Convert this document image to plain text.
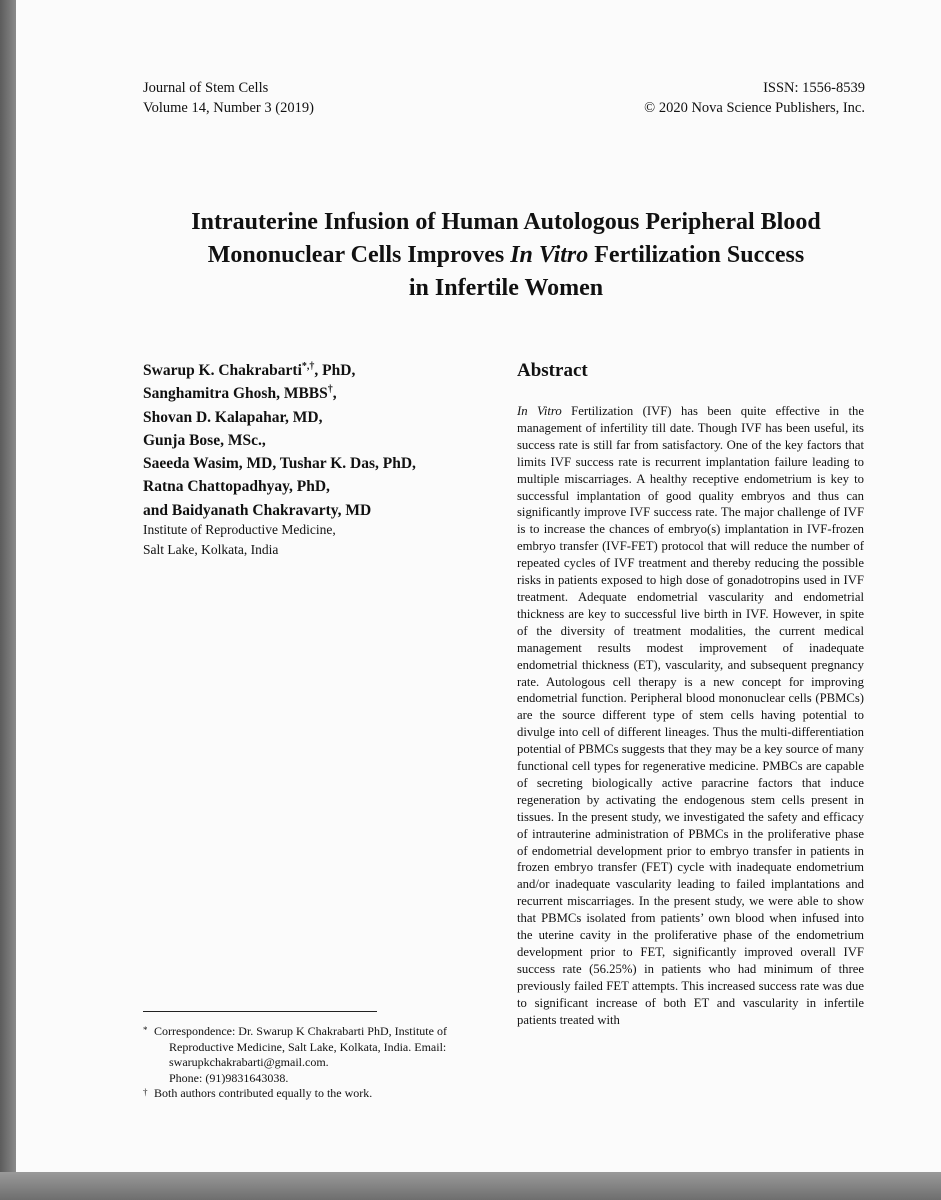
Journal of Stem Cells
Volume 14, Number 3 (2019)
ISSN: 1556-8539
© 2020 Nova Science Publishers, Inc.
Intrauterine Infusion of Human Autologous Peripheral Blood
Mononuclear Cells Improves In Vitro Fertilization Success
in Infertile Women
Swarup K. Chakrabarti*,†, PhD,
Sanghamitra Ghosh, MBBS†,
Shovan D. Kalapahar, MD,
Gunja Bose, MSc.,
Saeeda Wasim, MD, Tushar K. Das, PhD,
Ratna Chattopadhyay, PhD,
and Baidyanath Chakravarty, MD
Institute of Reproductive Medicine,
Salt Lake, Kolkata, India
Abstract
In Vitro Fertilization (IVF) has been quite effective in the management of infertility till date. Though IVF has been useful, its success rate is still far from satisfactory. One of the key factors that limits IVF success rate is recurrent implantation failure leading to multiple miscarriages. A healthy receptive endometrium is key to successful implantation of good quality embryos and thus can significantly improve IVF success rate. The major challenge of IVF is to increase the chances of embryo(s) implantation in IVF-frozen embryo transfer (IVF-FET) protocol that will reduce the number of repeated cycles of IVF treatment and thereby reducing the possible risks in patients exposed to high dose of gonadotropins used in IVF treatment. Adequate endometrial vascularity and endometrial thickness are key to successful live birth in IVF. However, in spite of the diversity of treatment modalities, the current medical management results modest improvement of inadequate endometrial thickness (ET), vascularity, and subsequent pregnancy rate. Autologous cell therapy is a new concept for improving endometrial function. Peripheral blood mononuclear cells (PBMCs) are the source different type of stem cells having potential to divulge into cell of different lineages. Thus the multi-differentiation potential of PBMCs suggests that they may be a key source of many functional cell types for regenerative medicine. PMBCs are capable of secreting biologically active paracrine factors that induce regeneration by activating the endogenous stem cells present in tissues. In the present study, we investigated the safety and efficacy of intrauterine administration of PBMCs in the proliferative phase of endometrial development prior to embryo transfer in patients in frozen embryo transfer (FET) cycle with inadequate endometrium and/or inadequate vascularity leading to failed implantations and recurrent miscarriages. In the present study, we were able to show that PBMCs isolated from patients’ own blood when infused into the uterine cavity in the proliferative phase of the endometrium development prior to FET, significantly improved overall IVF success rate (56.25%) in patients who had minimum of three previously failed FET attempts. This increased success rate was due to significant increase of both ET and vascularity in infertile patients treated with
* Correspondence: Dr. Swarup K Chakrabarti PhD, Institute of Reproductive Medicine, Salt Lake, Kolkata, India. Email: swarupkchakrabarti@gmail.com.
Phone: (91)9831643038.
† Both authors contributed equally to the work.
